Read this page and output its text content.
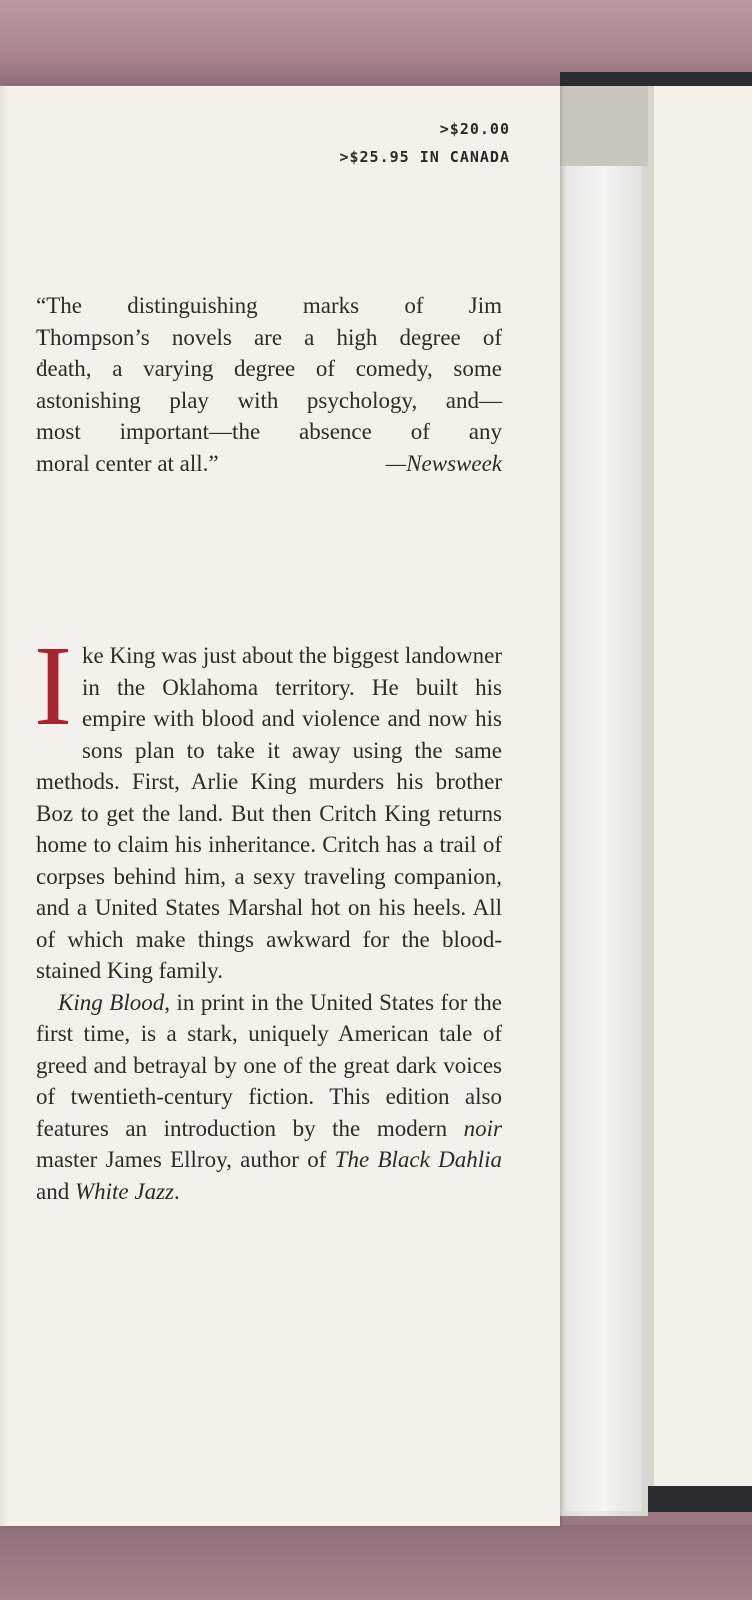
>$20.00
>$25.95 IN CANADA
“The distinguishing marks of Jim
Thompson’s novels are a high degree of
death, a varying degree of comedy, some
astonishing play with psychology, and—
most important—the absence of any
moral center at all.”	—Newsweek

Ike King was just about the biggest landowner in the Oklahoma territory. He built his empire with blood and violence and now his sons plan to take it away using the same methods. First, Arlie King murders his brother Boz to get the land. But then Critch King returns home to claim his inheritance. Critch has a trail of corpses behind him, a sexy traveling companion, and a United States Marshal hot on his heels. All of which make things awkward for the blood-stained King family.

King Blood, in print in the United States for the first time, is a stark, uniquely American tale of greed and betrayal by one of the great dark voices of twentieth-century fiction. This edition also features an introduction by the modern noir master James Ellroy, author of The Black Dahlia and White Jazz.
